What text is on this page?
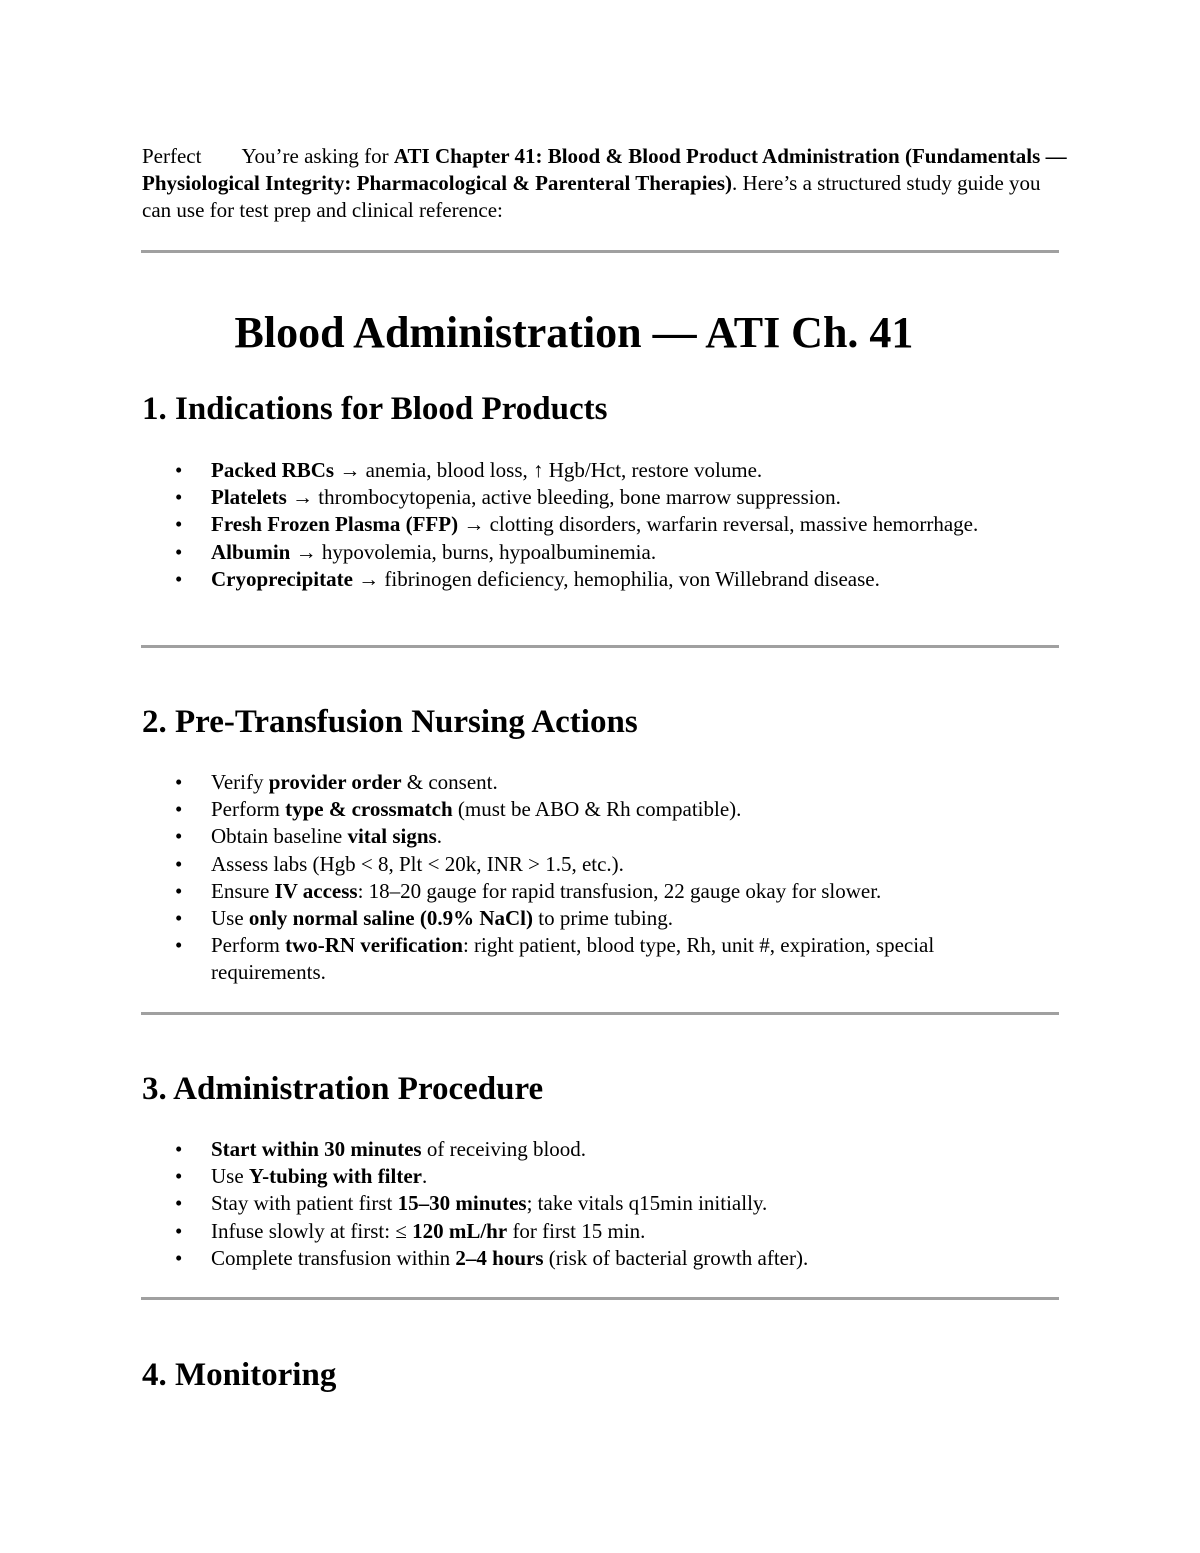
Perfect You’re asking for ATI Chapter 41: Blood & Blood Product Administration (Fundamentals — Physiological Integrity: Pharmacological & Parenteral Therapies). Here’s a structured study guide you can use for test prep and clinical reference:
Blood Administration — ATI Ch. 41
1. Indications for Blood Products
• Packed RBCs → anemia, blood loss, ↑ Hgb/Hct, restore volume.
• Platelets → thrombocytopenia, active bleeding, bone marrow suppression.
• Fresh Frozen Plasma (FFP) → clotting disorders, warfarin reversal, massive hemorrhage.
• Albumin → hypovolemia, burns, hypoalbuminemia.
• Cryoprecipitate → fibrinogen deficiency, hemophilia, von Willebrand disease.
2. Pre-Transfusion Nursing Actions
• Verify provider order & consent.
• Perform type & crossmatch (must be ABO & Rh compatible).
• Obtain baseline vital signs.
• Assess labs (Hgb < 8, Plt < 20k, INR > 1.5, etc.).
• Ensure IV access: 18–20 gauge for rapid transfusion, 22 gauge okay for slower.
• Use only normal saline (0.9% NaCl) to prime tubing.
• Perform two-RN verification: right patient, blood type, Rh, unit #, expiration, special requirements.
3. Administration Procedure
• Start within 30 minutes of receiving blood.
• Use Y-tubing with filter.
• Stay with patient first 15–30 minutes; take vitals q15min initially.
• Infuse slowly at first: ≤ 120 mL/hr for first 15 min.
• Complete transfusion within 2–4 hours (risk of bacterial growth after).
4. Monitoring
